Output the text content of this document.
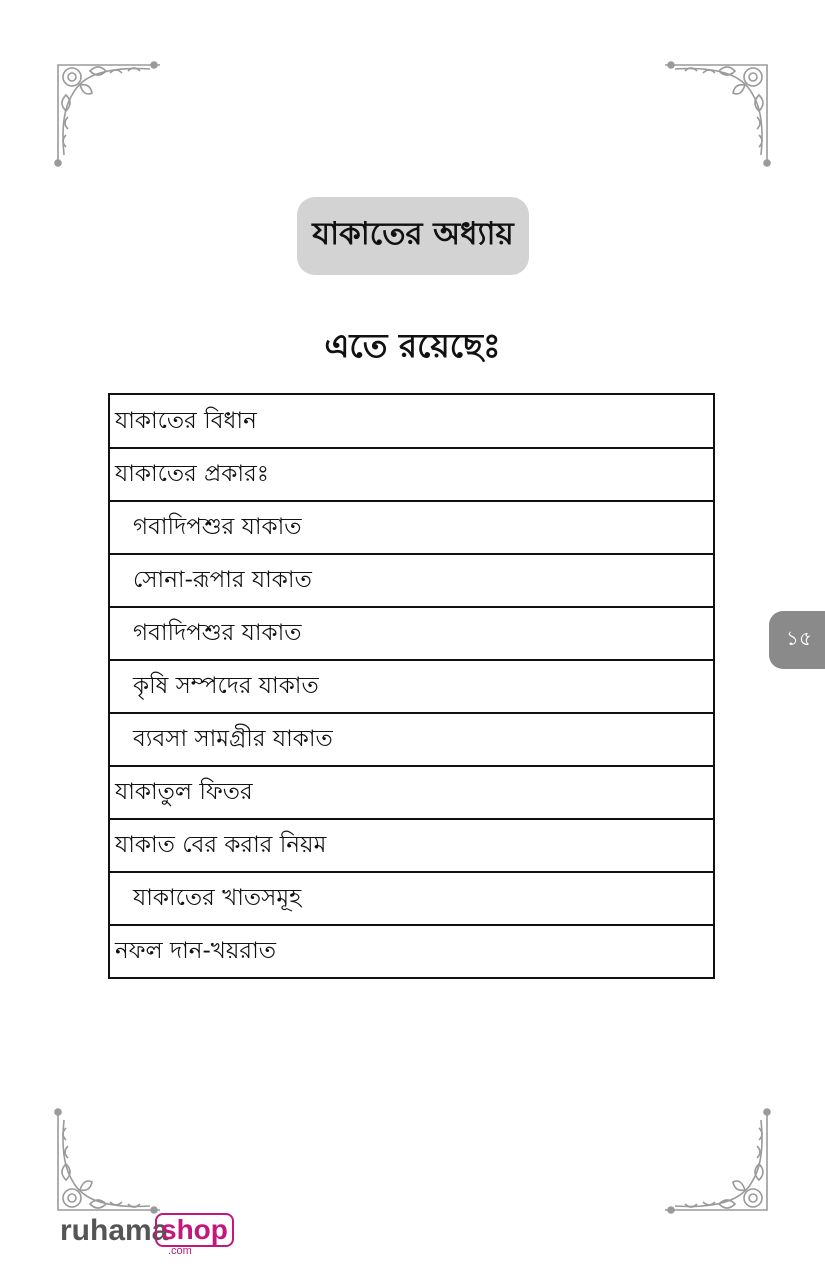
যাকাতের অধ্যায়
এতে রয়েছেঃ
যাকাতের বিধান
যাকাতের প্রকারঃ
গবাদিপশুর যাকাত
সোনা-রূপার যাকাত
গবাদিপশুর যাকাত
কৃষি সম্পদের যাকাত
ব্যবসা সামগ্রীর যাকাত
যাকাতুল ফিতর
যাকাত বের করার নিয়ম
যাকাতের খাতসমূহ
নফল দান-খয়রাত
১৫
ruhama
shop
.com
